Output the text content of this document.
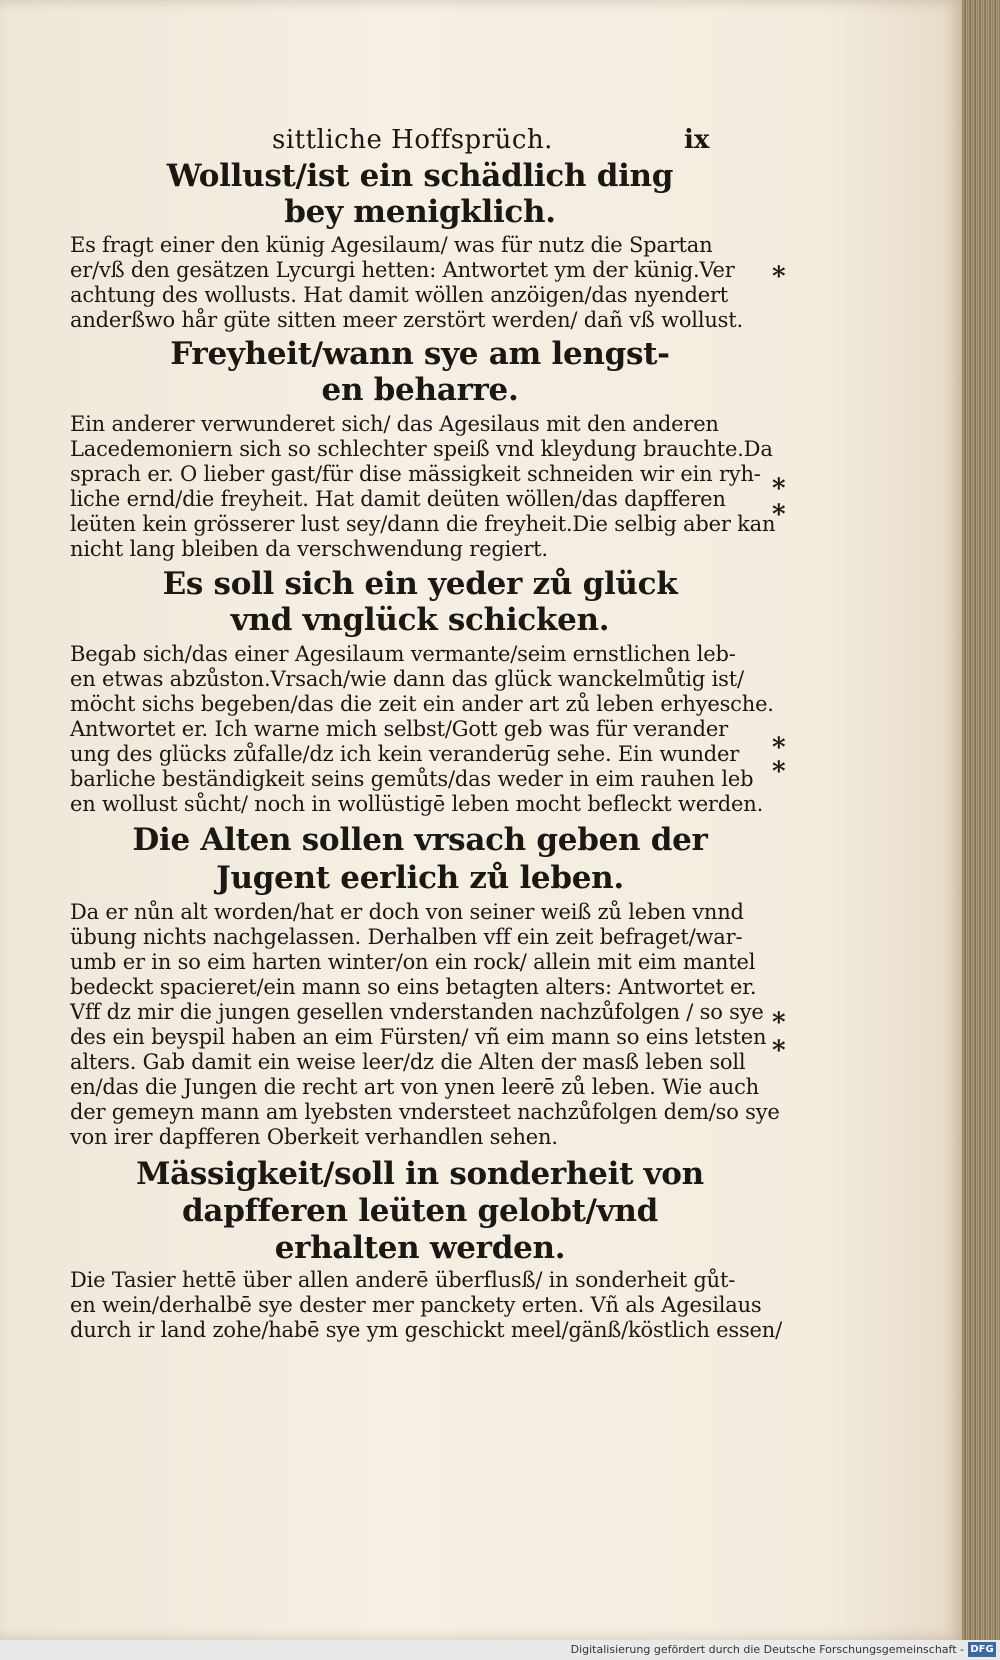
sittliche Hoffsprüch.	ix
Wollust/ist ein schädlich ding
bey menigklich.
Es fragt einer den künig Agesilaum/ was für nutz die Spartan
er/vß den gesätzen Lycurgi hetten: Antwortet ym der künig.Ver
achtung des wollusts. Hat damit wöllen anzöigen/das nyendert
anderßwo hår güte sitten meer zerstört werden/ dañ vß wollust.
Freyheit/wann sye am lengst-
en beharre.
Ein anderer verwunderet sich/ das Agesilaus mit den anderen
Lacedemoniern sich so schlechter speiß vnd kleydung brauchte.Da
sprach er. O lieber gast/für dise mässigkeit schneiden wir ein ryh-
liche ernd/die freyheit. Hat damit deüten wöllen/das dapfferen
leüten kein grösserer lust sey/dann die freyheit.Die selbig aber kan
nicht lang bleiben da verschwendung regiert.
Es soll sich ein yeder zů glück
vnd vnglück schicken.
Begab sich/das einer Agesilaum vermante/seim ernstlichen leb-
en etwas abzůston.Vrsach/wie dann das glück wanckelmůtig ist/
möcht sichs begeben/das die zeit ein ander art zů leben erhyesche.
Antwortet er. Ich warne mich selbst/Gott geb was für verander
ung des glücks zůfalle/dz ich kein veranderūg sehe. Ein wunder
barliche beständigkeit seins gemůts/das weder in eim rauhen leb
en wollust sůcht/ noch in wollüstigē leben mocht befleckt werden.
Die Alten sollen vrsach geben der
Jugent eerlich zů leben.
Da er nůn alt worden/hat er doch von seiner weiß zů leben vnnd
übung nichts nachgelassen. Derhalben vff ein zeit befraget/war-
umb er in so eim harten winter/on ein rock/ allein mit eim mantel
bedeckt spacieret/ein mann so eins betagten alters: Antwortet er.
Vff dz mir die jungen gesellen vnderstanden nachzůfolgen / so sye
des ein beyspil haben an eim Fürsten/ vñ eim mann so eins letsten
alters. Gab damit ein weise leer/dz die Alten der masß leben soll
en/das die Jungen die recht art von ynen leerē zů leben. Wie auch
der gemeyn mann am lyebsten vndersteet nachzůfolgen dem/so sye
von irer dapfferen Oberkeit verhandlen sehen.
Mässigkeit/soll in sonderheit von
dapfferen leüten gelobt/vnd
erhalten werden.
Die Tasier hettē über allen anderē überflusß/ in sonderheit gůt-
en wein/derhalbē sye dester mer panckety erten. Vñ als Agesilaus
durch ir land zohe/habē sye ym geschickt meel/gänß/köstlich essen/
*
*
*
*
*
*
*
Digitalisierung gefördert durch die Deutsche Forschungsgemeinschaft - DFG
